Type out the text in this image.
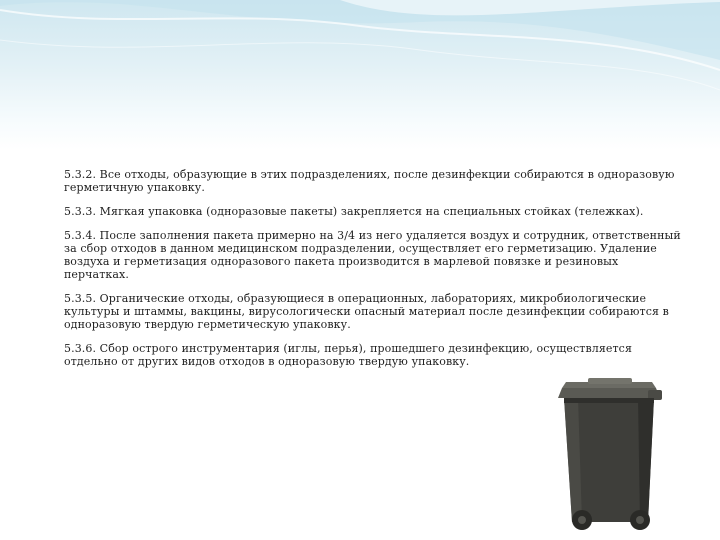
5.3.2. Все отходы, образующие в этих подразделениях, после дезинфекции собираются в одноразовую герметичную упаковку.

5.3.3. Мягкая упаковка (одноразовые пакеты) закрепляется на специальных стойках (тележках).

5.3.4. После заполнения пакета примерно на 3/4 из него удаляется воздух и сотрудник, ответственный за сбор отходов в данном медицинском подразделении, осуществляет его герметизацию. Удаление воздуха и герметизация одноразового пакета производится в марлевой повязке и резиновых перчатках.

5.3.5. Органические отходы, образующиеся в операционных, лабораториях, микробиологические культуры и штаммы, вакцины, вирусологически опасный материал после дезинфекции собираются в одноразовую твердую герметическую упаковку.

5.3.6. Сбор острого инструментария (иглы, перья), прошедшего дезинфекцию, осуществляется отдельно от других видов отходов в одноразовую твердую упаковку.
